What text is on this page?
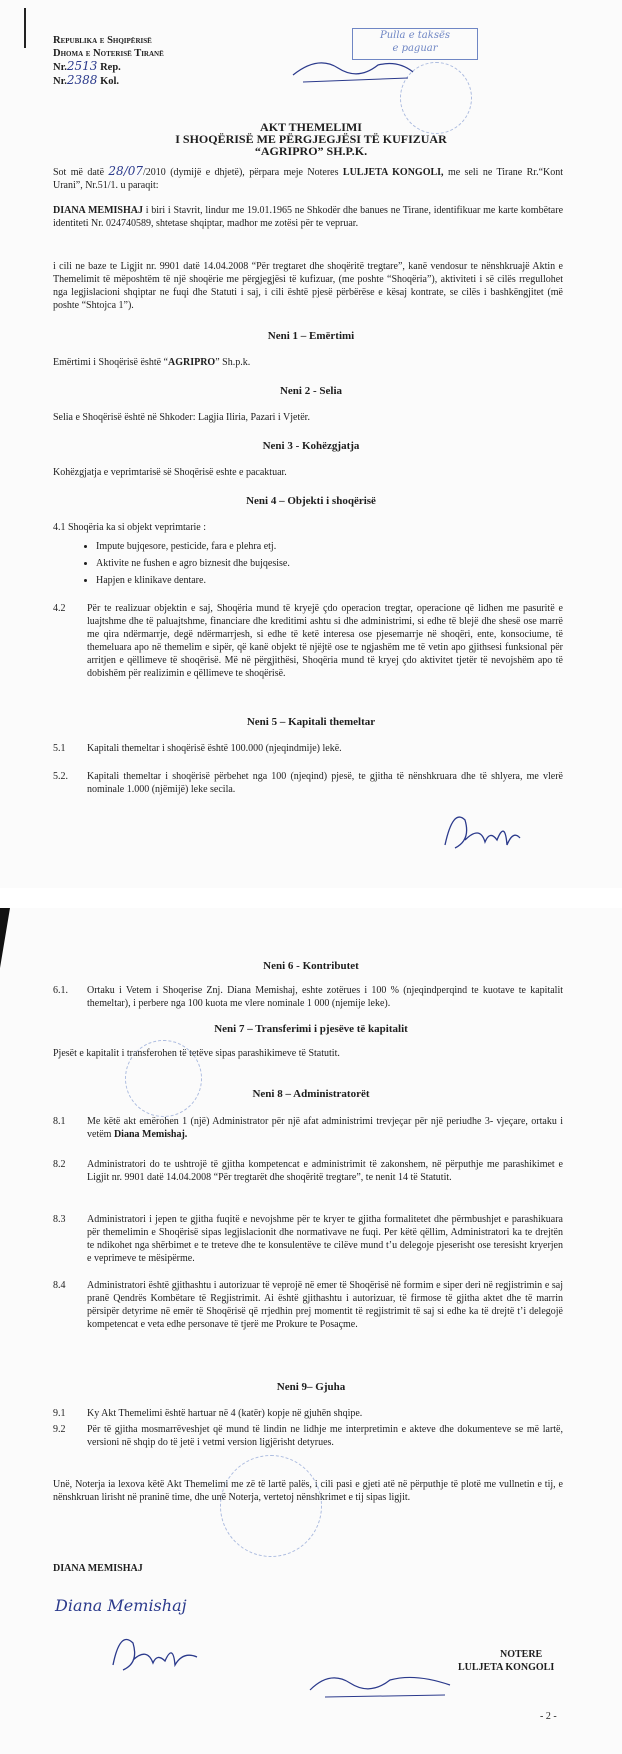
Republika e Shqipërisë
Dhoma e Noterisë Tiranë
Nr.2513 Rep.
Nr.2388 Kol.
Pulla e taksës
e paguar
AKT THEMELIMI
I SHOQËRISË ME PËRGJEGJËSI TË KUFIZUAR
“AGRIPRO” SH.P.K.
Sot më datë 28/07/2010 (dymijë e dhjetë), përpara meje Noteres LULJETA KONGOLI, me seli ne Tirane Rr.“Kont Urani”, Nr.51/1. u paraqit:
DIANA MEMISHAJ i biri i Stavrit, lindur me 19.01.1965 ne Shkodër dhe banues ne Tirane, identifikuar me karte kombëtare identiteti Nr. 024740589, shtetase shqiptar, madhor me zotësi për te vepruar.
i cili ne baze te Ligjit nr. 9901 datë 14.04.2008 “Për tregtaret dhe shoqëritë tregtare”, kanë vendosur te nënshkruajë Aktin e Themelimit të mëposhtëm të një shoqërie me përgjegjësi të kufizuar, (me poshte “Shoqëria”), aktiviteti i së cilës rregullohet nga legjislacioni shqiptar ne fuqi dhe Statuti i saj, i cili është pjesë përbërëse e kësaj kontrate, se cilës i bashkëngjitet (më poshte “Shtojca 1”).
Neni 1 – Emërtimi
Emërtimi i Shoqërisë është “AGRIPRO” Sh.p.k.
Neni 2 - Selia
Selia e Shoqërisë është në Shkoder: Lagjia Iliria, Pazari i Vjetër.
Neni 3 - Kohëzgjatja
Kohëzgjatja e veprimtarisë së Shoqërisë eshte e pacaktuar.
Neni 4 – Objekti i shoqërisë
4.1 Shoqëria ka si objekt veprimtarie :
• Impute bujqesore, pesticide, fara e plehra etj.
• Aktivite ne fushen e agro biznesit dhe bujqesise.
• Hapjen e klinikave dentare.
4.2 Për te realizuar objektin e saj, Shoqëria mund të kryejë çdo operacion tregtar, operacione që lidhen me pasuritë e luajtshme dhe të paluajtshme, financiare dhe kreditimi ashtu si dhe administrimi, si edhe të blejë dhe shesë ose marrë me qira ndërmarrje, degë ndërmarrjesh, si edhe të ketë interesa ose pjesemarrje në shoqëri, ente, konsociume, të themeluara apo në themelim e sipër, që kanë objekt të njëjtë ose te ngjashëm me të vetin apo gjithsesi funksional për arritjen e qëllimeve të shoqërisë. Më në përgjithësi, Shoqëria mund të kryej çdo aktivitet tjetër të nevojshëm apo të dobishëm për realizimin e qëllimeve te shoqërisë.
Neni 5 – Kapitali themeltar
5.1 Kapitali themeltar i shoqërisë është 100.000 (njeqindmije) lekë.
5.2. Kapitali themeltar i shoqërisë përbehet nga 100 (njeqind) pjesë, te gjitha të nënshkruara dhe të shlyera, me vlerë nominale 1.000 (njëmijë) leke secila.
Neni 6 - Kontributet
6.1. Ortaku i Vetem i Shoqerise Znj. Diana Memishaj, eshte zotërues i 100 % (njeqindperqind te kuotave te kapitalit themeltar), i perbere nga 100 kuota me vlere nominale 1 000 (njemije leke).
Neni 7 – Transferimi i pjesëve të kapitalit
Pjesët e kapitalit i transferohen të tetëve sipas parashikimeve të Statutit.
Neni 8 – Administratorët
8.1 Me këtë akt emërohen 1 (një) Administrator për një afat administrimi trevjeçar për një periudhe 3- vjeçare, ortaku i vetëm Diana Memishaj.
8.2 Administratori do te ushtrojë të gjitha kompetencat e administrimit të zakonshem, në përputhje me parashikimet e Ligjit nr. 9901 datë 14.04.2008 “Për tregtarët dhe shoqëritë tregtare”, te nenit 14 të Statutit.
8.3 Administratori i jepen te gjitha fuqitë e nevojshme për te kryer te gjitha formalitetet dhe përmbushjet e parashikuara për themelimin e Shoqërisë sipas legjislacionit dhe normativave ne fuqi. Per këtë qëllim, Administratori ka te drejtën te ndikohet nga shërbimet e te treteve dhe te konsulentëve te cilëve mund t’u delegoje pjeserisht ose teresisht kryerjen e veprimeve te mësipërme.
8.4 Administratori është gjithashtu i autorizuar të veprojë në emer të Shoqërisë në formim e siper deri në regjistrimin e saj pranë Qendrës Kombëtare të Regjistrimit. Ai është gjithashtu i autorizuar, të firmose të gjitha aktet dhe të marrin përsipër detyrime në emër të Shoqërisë që rrjedhin prej momentit të regjistrimit të saj si edhe ka të drejtë t’i delegojë kompetencat e veta edhe personave të tjerë me Prokure te Posaçme.
Neni 9– Gjuha
9.1 Ky Akt Themelimi është hartuar në 4 (katër) kopje në gjuhën shqipe.
9.2 Për të gjitha mosmarrëveshjet që mund të lindin ne lidhje me interpretimin e akteve dhe dokumenteve se më lartë, versioni në shqip do të jetë i vetmi version ligjërisht detyrues.
Unë, Noterja ia lexova këtë Akt Themelimi me zë të lartë palës, i cili pasi e gjeti atë në përputhje të plotë me vullnetin e tij, e nënshkruan lirisht në praninë time, dhe unë Noterja, vertetoj nënshkrimet e tij sipas ligjit.
DIANA MEMISHAJ
Diana Memishaj
NOTERE
LULJETA KONGOLI
- 2 -
